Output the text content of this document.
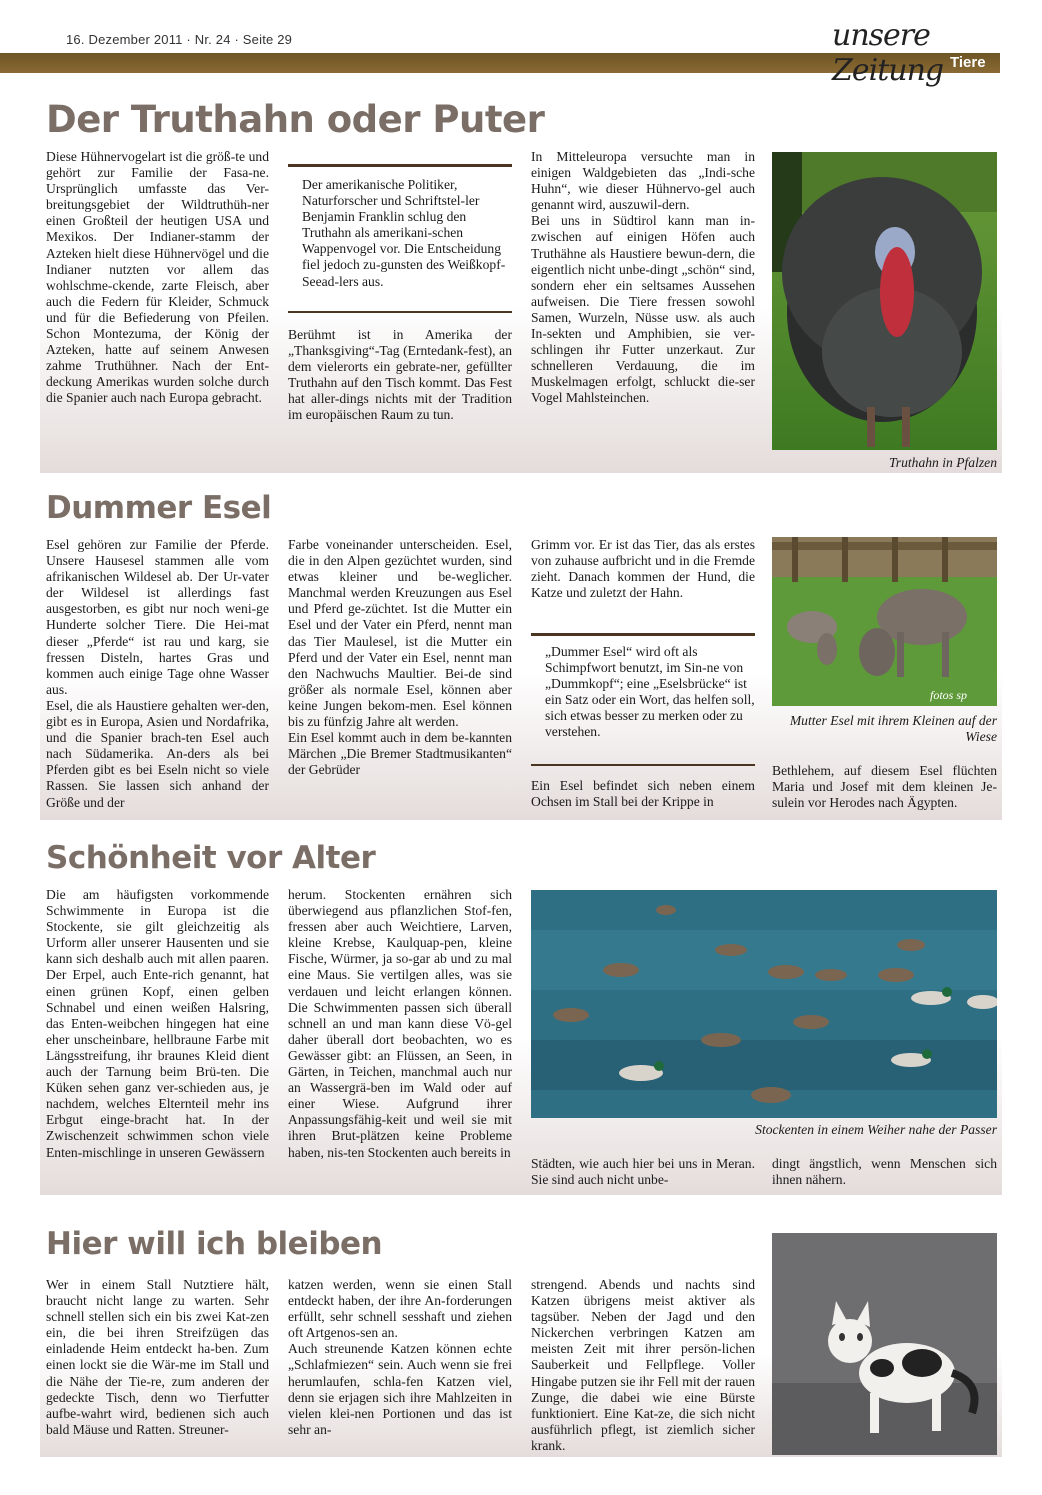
16. Dezember 2011 · Nr. 24 · Seite 29	unsere Zeitung Tiere
Der Truthahn oder Puter
Diese Hühnervogelart ist die größ-te und gehört zur Familie der Fasa-ne. Ursprünglich umfasste das Ver-breitungsgebiet der Wildtruthüh-ner einen Großteil der heutigen USA und Mexikos. Der Indianer-stamm der Azteken hielt diese Hühnervögel und die Indianer nutzten vor allem das wohlschme-ckende, zarte Fleisch, aber auch die Federn für Kleider, Schmuck und für die Befiederung von Pfeilen. Schon Montezuma, der König der Azteken, hatte auf seinem Anwesen zahme Truthühner. Nach der Ent-deckung Amerikas wurden solche durch die Spanier auch nach Europa gebracht.
Der amerikanische Politiker, Naturforscher und Schriftstel-ler Benjamin Franklin schlug den Truthahn als amerikani-schen Wappenvogel vor. Die Entscheidung fiel jedoch zu-gunsten des Weißkopf-Seead-lers aus.
Berühmt ist in Amerika der „Thanksgiving“-Tag (Erntedank-fest), an dem vielerorts ein gebrate-ner, gefüllter Truthahn auf den Tisch kommt. Das Fest hat aller-dings nichts mit der Tradition im europäischen Raum zu tun.
In Mitteleuropa versuchte man in einigen Waldgebieten das „Indi-sche Huhn“, wie dieser Hühnervo-gel auch genannt wird, auszuwil-dern.
Bei uns in Südtirol kann man in-zwischen auf einigen Höfen auch Truthähne als Haustiere bewun-dern, die eigentlich nicht unbe-dingt „schön“ sind, sondern eher ein seltsames Aussehen aufweisen. Die Tiere fressen sowohl Samen, Wurzeln, Nüsse usw. als auch In-sekten und Amphibien, sie ver-schlingen ihr Futter unzerkaut. Zur schnelleren Verdauung, die im Muskelmagen erfolgt, schluckt die-ser Vogel Mahlsteinchen.
Truthahn in Pfalzen
Dummer Esel
Esel gehören zur Familie der Pferde. Unsere Hausesel stammen alle vom afrikanischen Wildesel ab. Der Ur-vater der Wildesel ist allerdings fast ausgestorben, es gibt nur noch weni-ge Hunderte solcher Tiere. Die Hei-mat dieser „Pferde“ ist rau und karg, sie fressen Disteln, hartes Gras und kommen auch einige Tage ohne Wasser aus.
Esel, die als Haustiere gehalten wer-den, gibt es in Europa, Asien und Nordafrika, und die Spanier brach-ten Esel auch nach Südamerika. An-ders als bei Pferden gibt es bei Eseln nicht so viele Rassen. Sie lassen sich anhand der Größe und der
Farbe voneinander unterscheiden. Esel, die in den Alpen gezüchtet wurden, sind etwas kleiner und be-weglicher. Manchmal werden Kreuzungen aus Esel und Pferd ge-züchtet. Ist die Mutter ein Esel und der Vater ein Pferd, nennt man das Tier Maulesel, ist die Mutter ein Pferd und der Vater ein Esel, nennt man den Nachwuchs Maultier. Bei-de sind größer als normale Esel, können aber keine Jungen bekom-men. Esel können bis zu fünfzig Jahre alt werden.
Ein Esel kommt auch in dem be-kannten Märchen „Die Bremer Stadtmusikanten“ der Gebrüder
Grimm vor. Er ist das Tier, das als erstes von zuhause aufbricht und in die Fremde zieht. Danach kommen der Hund, die Katze und zuletzt der Hahn.
„Dummer Esel“ wird oft als Schimpfwort benutzt, im Sin-ne von „Dummkopf“; eine „Eselsbrücke“ ist ein Satz oder ein Wort, das helfen soll, sich etwas besser zu merken oder zu verstehen.
Ein Esel befindet sich neben einem Ochsen im Stall bei der Krippe in
fotos sp
Mutter Esel mit ihrem Kleinen auf der Wiese
Bethlehem, auf diesem Esel flüchten Maria und Josef mit dem kleinen Je-sulein vor Herodes nach Ägypten.
Schönheit vor Alter
Die am häufigsten vorkommende Schwimmente in Europa ist die Stockente, sie gilt gleichzeitig als Urform aller unserer Hausenten und sie kann sich deshalb auch mit allen paaren. Der Erpel, auch Ente-rich genannt, hat einen grünen Kopf, einen gelben Schnabel und einen weißen Halsring, das Enten-weibchen hingegen hat eine eher unscheinbare, hellbraune Farbe mit Längsstreifung, ihr braunes Kleid dient auch der Tarnung beim Brü-ten. Die Küken sehen ganz ver-schieden aus, je nachdem, welches Elternteil mehr ins Erbgut einge-bracht hat. In der Zwischenzeit schwimmen schon viele Enten-mischlinge in unseren Gewässern
herum. Stockenten ernähren sich überwiegend aus pflanzlichen Stof-fen, fressen aber auch Weichtiere, Larven, kleine Krebse, Kaulquap-pen, kleine Fische, Würmer, ja so-gar ab und zu mal eine Maus. Sie vertilgen alles, was sie verdauen und leicht erlangen können. Die Schwimmenten passen sich überall schnell an und man kann diese Vö-gel daher überall dort beobachten, wo es Gewässer gibt: an Flüssen, an Seen, in Gärten, in Teichen, manchmal auch nur an Wassergrä-ben im Wald oder auf einer Wiese. Aufgrund ihrer Anpassungsfähig-keit und weil sie mit ihren Brut-plätzen keine Probleme haben, nis-ten Stockenten auch bereits in
Stockenten in einem Weiher nahe der Passer
Städten, wie auch hier bei uns in Meran. Sie sind auch nicht unbe-
dingt ängstlich, wenn Menschen sich ihnen nähern.
Hier will ich bleiben
Wer in einem Stall Nutztiere hält, braucht nicht lange zu warten. Sehr schnell stellen sich ein bis zwei Kat-zen ein, die bei ihren Streifzügen das einladende Heim entdeckt ha-ben. Zum einen lockt sie die Wär-me im Stall und die Nähe der Tie-re, zum anderen der gedeckte Tisch, denn wo Tierfutter aufbe-wahrt wird, bedienen sich auch bald Mäuse und Ratten. Streuner-
katzen werden, wenn sie einen Stall entdeckt haben, der ihre An-forderungen erfüllt, sehr schnell sesshaft und ziehen oft Artgenos-sen an.
Auch streunende Katzen können echte „Schlafmiezen“ sein. Auch wenn sie frei herumlaufen, schla-fen Katzen viel, denn sie erjagen sich ihre Mahlzeiten in vielen klei-nen Portionen und das ist sehr an-
strengend. Abends und nachts sind Katzen übrigens meist aktiver als tagsüber. Neben der Jagd und den Nickerchen verbringen Katzen am meisten Zeit mit ihrer persön-lichen Sauberkeit und Fellpflege. Voller Hingabe putzen sie ihr Fell mit der rauen Zunge, die dabei wie eine Bürste funktioniert. Eine Kat-ze, die sich nicht ausführlich pflegt, ist ziemlich sicher krank.
